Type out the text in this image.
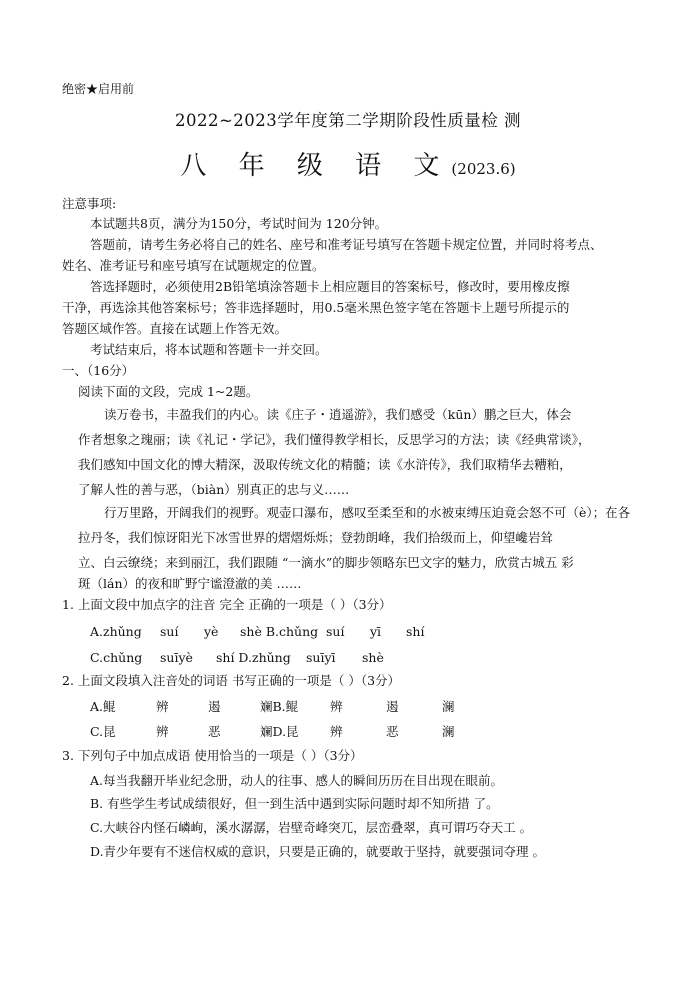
绝密★启用前
2022~2023学年度第二学期阶段性质量检 测
八 年 级 语 文(2023.6)
注意事项:
本试题共8页，满分为150分，考试时间为 120分钟。
答题前，请考生务必将自己的姓名、座号和准考证号填写在答题卡规定位置，并同时将考点、
姓名、准考证号和座号填写在试题规定的位置。
答选择题时，必须使用2B铅笔填涂答题卡上相应题目的答案标号，修改时，要用橡皮擦
干净，再选涂其他答案标号；答非选择题时，用0.5毫米黑色签字笔在答题卡上题号所提示的
答题区域作答。直接在试题上作答无效。
考试结束后，将本试题和答题卡一并交回。
一、（16分）
阅读下面的文段，完成 1~2题。
读万卷书，丰盈我们的内心。读《庄子・逍遥游》，我们感受（kūn）鹏之巨大，体会
作者想象之瑰丽；读《礼记・学记》，我们懂得教学相长，反思学习的方法；读《经典常谈》，
我们感知中国文化的博大精深，汲取传统文化的精髓；读《水浒传》，我们取精华去糟粕，
了解人性的善与恶，（biàn）别真正的忠与义……
行万里路，开阔我们的视野。观壶口瀑布，感叹至柔至和的水被束缚压迫竟会怒不可（è）；在各
拉丹冬，我们惊讶阳光下冰雪世界的熠熠烁烁；登勃朗峰，我们拾级而上，仰望巉岩耸
立、白云缭绕；来到丽江，我们跟随 “一滴水”的脚步领略东巴文字的魅力，欣赏古城五 彩
斑（lán）的夜和旷野宁谧澄澈的美 ……
1. 上面文段中加点字的注音 完全 正确的一项是（ ）（3分）
A.zhǔng suí yè shè B.chǔng suí yī shí
C.chǔng suīyè shí D.zhǔng suīyī shè
2. 上面文段填入注音处的词语 书写正确的一项是（ ）（3分）
A.鲲	辨	遏	斓B.鲲	辨	遏	澜
C.昆	辨	恶	斓D.昆	辨	恶	澜
3. 下列句子中加点成语 使用恰当的一项是（ ）（3分）
A.每当我翻开毕业纪念册，动人的往事、感人的瞬间历历在目出现在眼前。
B. 有些学生考试成绩很好，但一到生活中遇到实际问题时却不知所措 了。
C.大峡谷内怪石嶙峋，溪水潺潺，岩壁奇峰突兀，层峦叠翠，真可谓巧夺天工 。
D.青少年要有不迷信权威的意识，只要是正确的，就要敢于坚持，就要强词夺理 。
